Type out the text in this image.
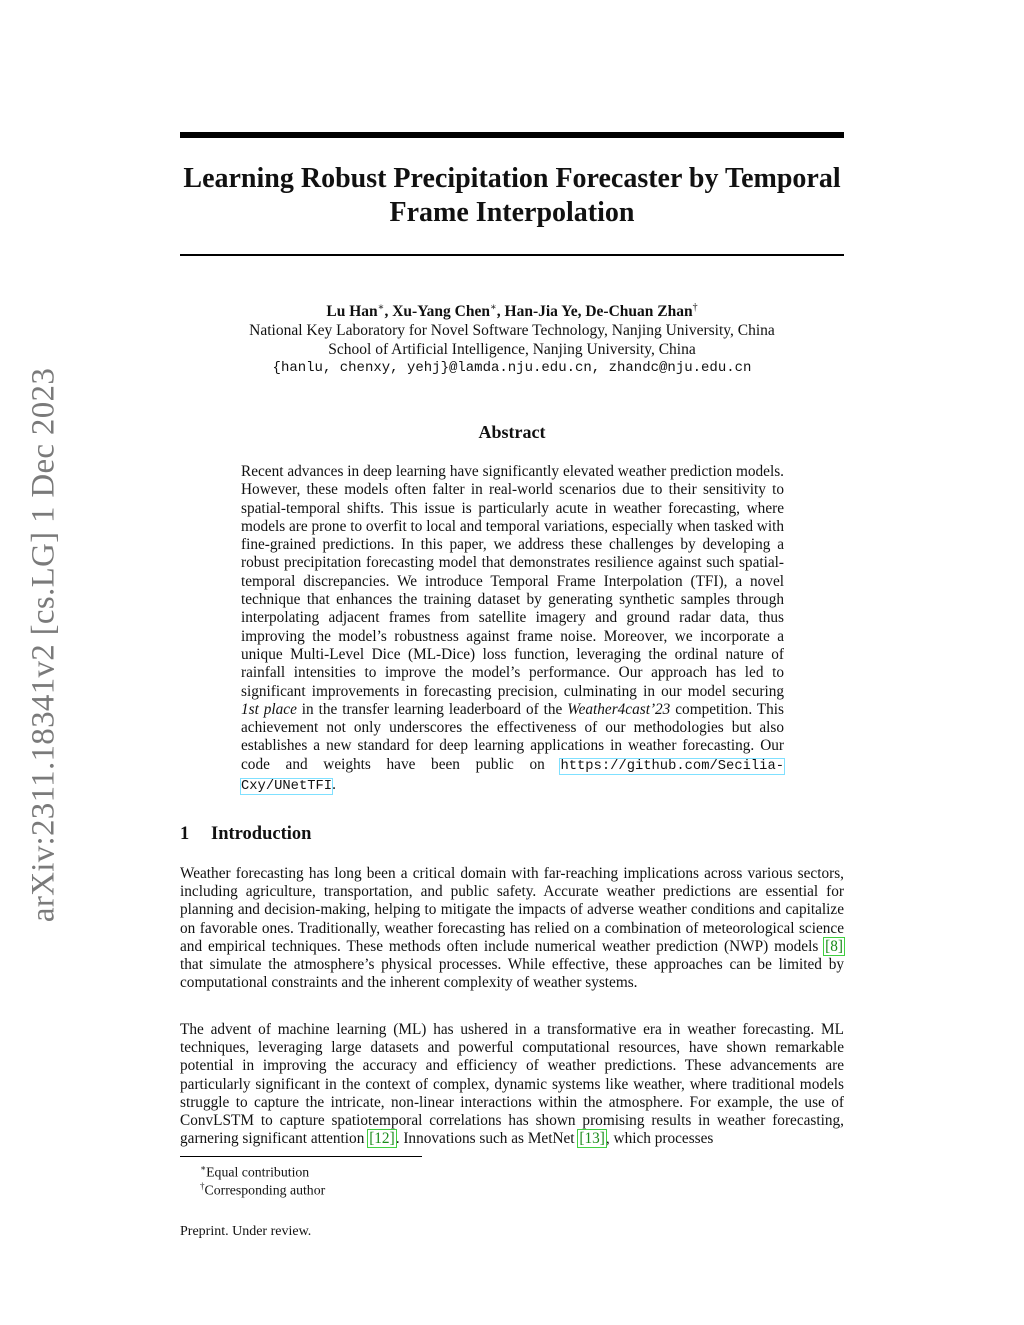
arXiv:2311.18341v2 [cs.LG] 1 Dec 2023
Learning Robust Precipitation Forecaster by Temporal Frame Interpolation
Lu Han∗, Xu-Yang Chen∗, Han-Jia Ye, De-Chuan Zhan†
National Key Laboratory for Novel Software Technology, Nanjing University, China
School of Artificial Intelligence, Nanjing University, China
{hanlu, chenxy, yehj}@lamda.nju.edu.cn, zhandc@nju.edu.cn
Abstract
Recent advances in deep learning have significantly elevated weather prediction models. However, these models often falter in real-world scenarios due to their sensitivity to spatial-temporal shifts. This issue is particularly acute in weather forecasting, where models are prone to overfit to local and temporal variations, especially when tasked with fine-grained predictions. In this paper, we address these challenges by developing a robust precipitation forecasting model that demonstrates resilience against such spatial-temporal discrepancies. We introduce Temporal Frame Interpolation (TFI), a novel technique that enhances the training dataset by generating synthetic samples through interpolating adjacent frames from satellite imagery and ground radar data, thus improving the model’s robustness against frame noise. Moreover, we incorporate a unique Multi-Level Dice (ML-Dice) loss function, leveraging the ordinal nature of rainfall intensities to improve the model’s performance. Our approach has led to significant improvements in forecasting precision, culminating in our model securing 1st place in the transfer learning leaderboard of the Weather4cast’23 competition. This achievement not only underscores the effectiveness of our methodologies but also establishes a new standard for deep learning applications in weather forecasting. Our code and weights have been public on https://github.com/Secilia-Cxy/UNetTFI.
1 Introduction

Weather forecasting has long been a critical domain with far-reaching implications across various sectors, including agriculture, transportation, and public safety. Accurate weather predictions are essential for planning and decision-making, helping to mitigate the impacts of adverse weather conditions and capitalize on favorable ones. Traditionally, weather forecasting has relied on a combination of meteorological science and empirical techniques. These methods often include numerical weather prediction (NWP) models [8] that simulate the atmosphere’s physical processes. While effective, these approaches can be limited by computational constraints and the inherent complexity of weather systems.

The advent of machine learning (ML) has ushered in a transformative era in weather forecasting. ML techniques, leveraging large datasets and powerful computational resources, have shown remarkable potential in improving the accuracy and efficiency of weather predictions. These advancements are particularly significant in the context of complex, dynamic systems like weather, where traditional models struggle to capture the intricate, non-linear interactions within the atmosphere. For example, the use of ConvLSTM to capture spatiotemporal correlations has shown promising results in weather forecasting, garnering significant attention [12]. Innovations such as MetNet [13], which processes

∗Equal contribution
†Corresponding author
Preprint. Under review.
